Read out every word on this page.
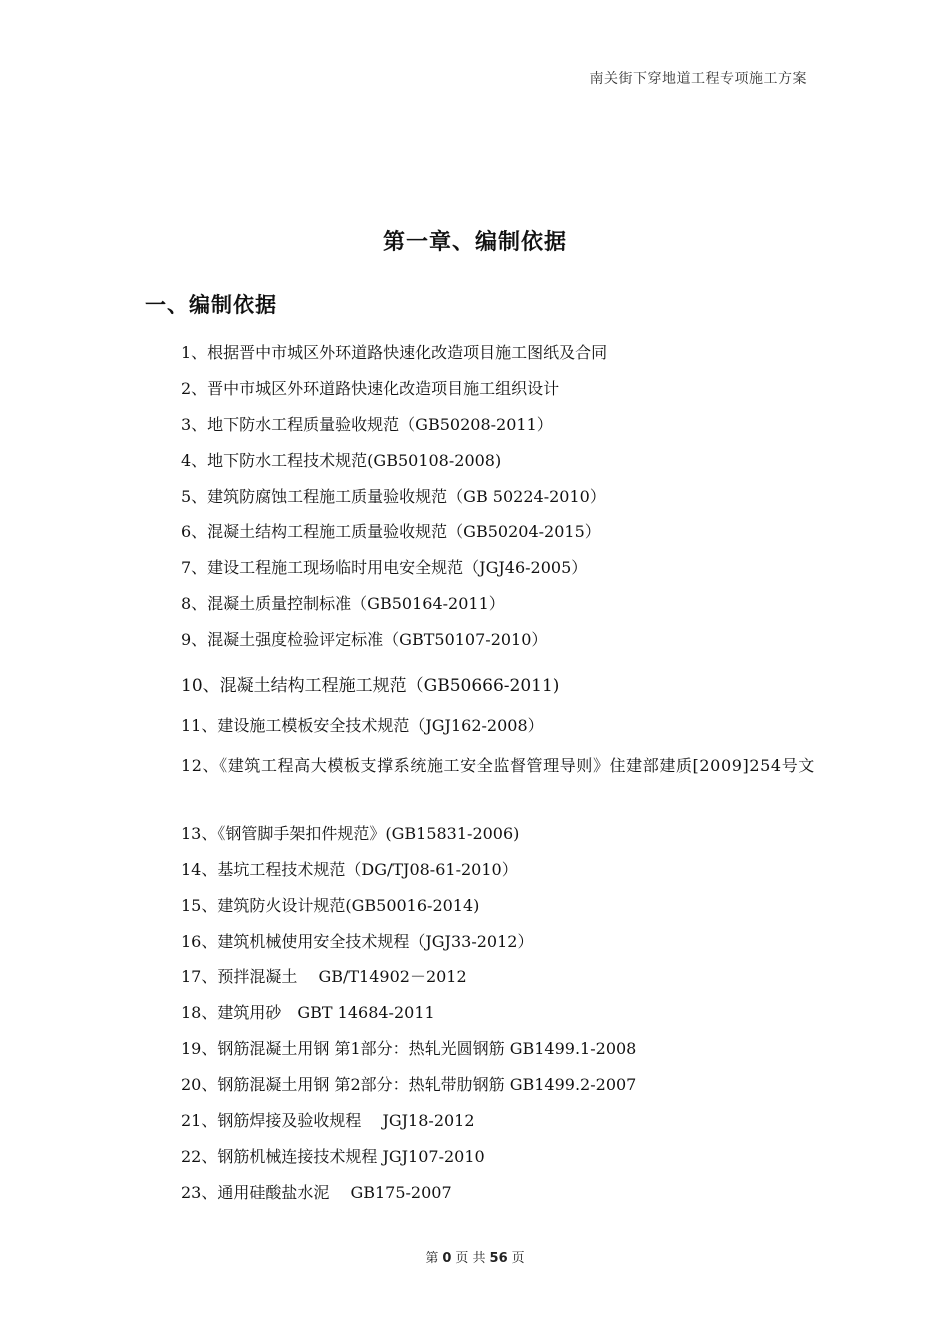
南关街下穿地道工程专项施工方案
第一章、编制依据
一、编制依据
1、根据晋中市城区外环道路快速化改造项目施工图纸及合同
2、晋中市城区外环道路快速化改造项目施工组织设计
3、地下防水工程质量验收规范（GB50208-2011）
4、地下防水工程技术规范(GB50108-2008)
5、建筑防腐蚀工程施工质量验收规范（GB 50224-2010）
6、混凝土结构工程施工质量验收规范（GB50204-2015）
7、建设工程施工现场临时用电安全规范（JGJ46-2005）
8、混凝土质量控制标准（GB50164-2011）
9、混凝土强度检验评定标准（GBT50107-2010）
10、混凝土结构工程施工规范（GB50666-2011)
11、建设施工模板安全技术规范（JGJ162-2008）
12、《建筑工程高大模板支撑系统施工安全监督管理导则》住建部建质[2009]254号文
13、《钢管脚手架扣件规范》(GB15831-2006)
14、基坑工程技术规范（DG/TJ08-61-2010）
15、建筑防火设计规范(GB50016-2014)
16、建筑机械使用安全技术规程（JGJ33-2012）
17、预拌混凝土　 GB/T14902－2012
18、建筑用砂　GBT 14684-2011
19、钢筋混凝土用钢 第1部分：热轧光圆钢筋 GB1499.1-2008
20、钢筋混凝土用钢 第2部分：热轧带肋钢筋 GB1499.2-2007
21、钢筋焊接及验收规程　 JGJ18-2012
22、钢筋机械连接技术规程 JGJ107-2010
23、通用硅酸盐水泥　 GB175-2007
第 0 页 共 56 页
